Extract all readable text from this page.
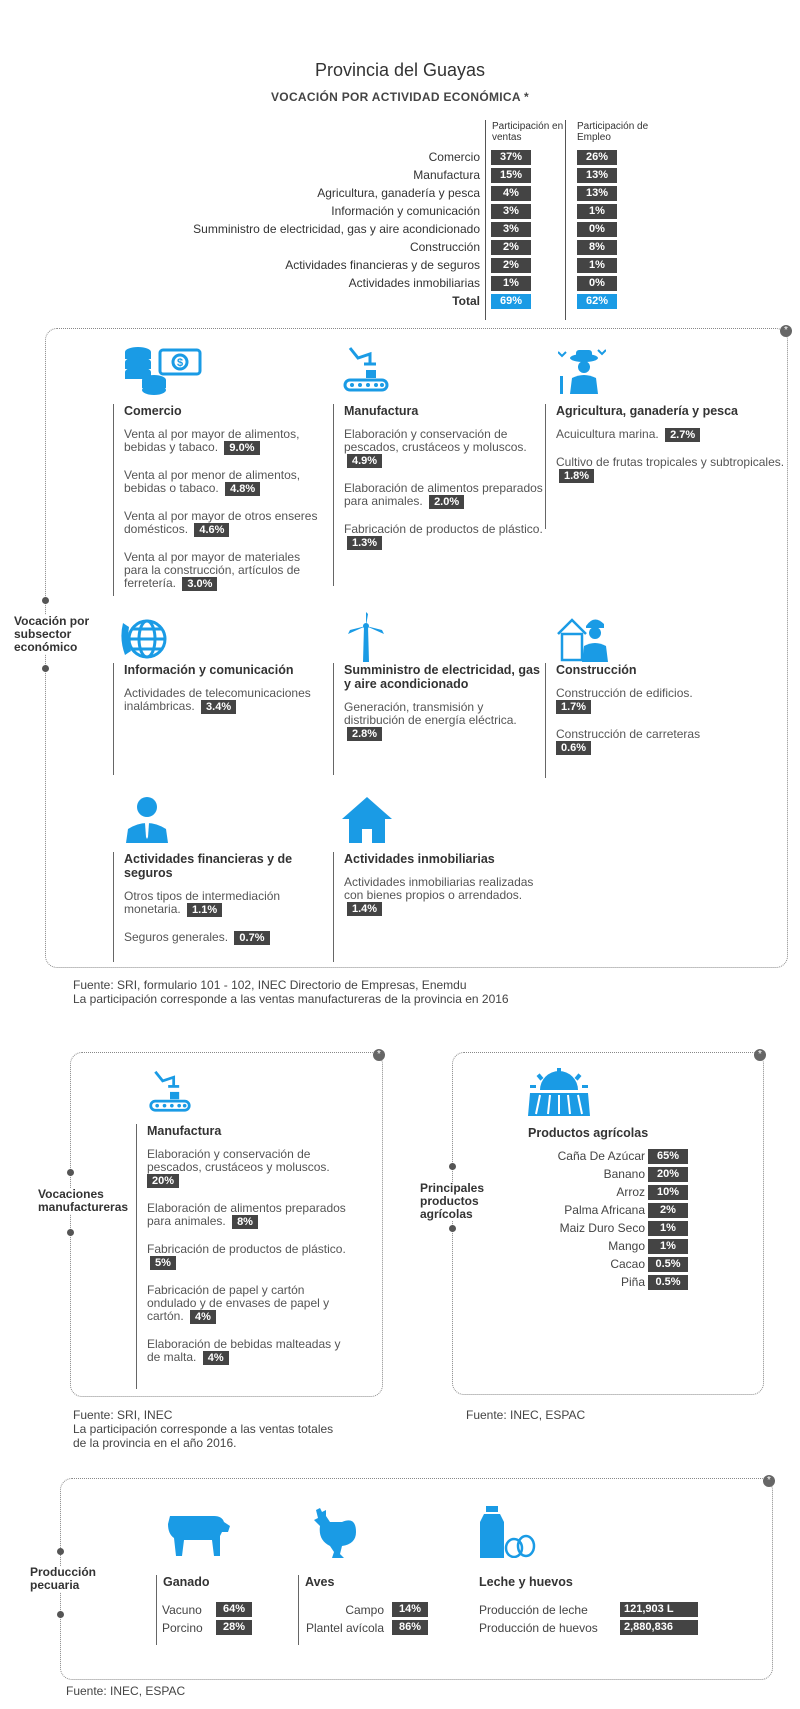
Provincia del Guayas
VOCACIÓN POR ACTIVIDAD ECONÓMICA *
Participación en ventas
Participación de Empleo
Comercio	37%	26%
Manufactura	15%	13%
Agricultura, ganadería y pesca	4%	13%
Información y comunicación	3%	1%
Sumministro de electricidad, gas y aire acondicionado	3%	0%
Construcción	2%	8%
Actividades financieras y de seguros	2%	1%
Actividades inmobiliarias	1%	0%
Total	69%	62%
*
Vocación por subsector económico
$
Comercio
Venta al por mayor de alimentos, bebidas y tabaco. 9.0%
Venta al por menor de alimentos, bebidas o tabaco. 4.8%
Venta al por mayor de otros enseres domésticos. 4.6%
Venta al por mayor de materiales para la construcción, artículos de ferretería. 3.0%
Manufactura
Elaboración y conservación de pescados, crustáceos y moluscos. 4.9%
Elaboración de alimentos preparados para animales. 2.0%
Fabricación de productos de plástico. 1.3%
Agricultura, ganadería y pesca
Acuicultura marina. 2.7%
Cultivo de frutas tropicales y subtropicales. 1.8%
Información y comunicación
Actividades de telecomunicaciones inalámbricas. 3.4%
Sumministro de electricidad, gas y aire acondicionado
Generación, transmisión y distribución de energía eléctrica. 2.8%
Construcción
Construcción de edificios.
1.7%
Construcción de carreteras
0.6%
Actividades financieras y de seguros
Otros tipos de intermediación monetaria. 1.1%
Seguros generales. 0.7%
Actividades inmobiliarias
Actividades inmobiliarias realizadas con bienes propios o arrendados. 1.4%
Fuente: SRI, formulario 101 - 102, INEC Directorio de Empresas, Enemdu
La participación corresponde a las ventas manufactureras de la provincia en 2016
*
Vocaciones manufactureras
Manufactura
Elaboración y conservación de pescados, crustáceos y moluscos.
20%
Elaboración de alimentos preparados para animales. 8%
Fabricación de productos de plástico. 5%
Fabricación de papel y cartón ondulado y de envases de papel y cartón. 4%
Elaboración de bebidas malteadas y de malta. 4%
Fuente: SRI, INEC
La participación corresponde a las ventas totales
de la provincia en el año 2016.
*
Principales productos agrícolas
Productos agrícolas
Caña De Azúcar	65%
Banano	20%
Arroz	10%
Palma Africana	2%
Maiz Duro Seco	1%
Mango	1%
Cacao 0.5%
Piña 0.5%
Fuente: INEC, ESPAC
*
Producción pecuaria	Ganado
Vacuno	64%
Porcino	28%
Aves
Campo	14%
Plantel avícola	86%
Leche y huevos
Producción de leche	121,903 L
Producción de huevos	2,880,836
Fuente: INEC, ESPAC
